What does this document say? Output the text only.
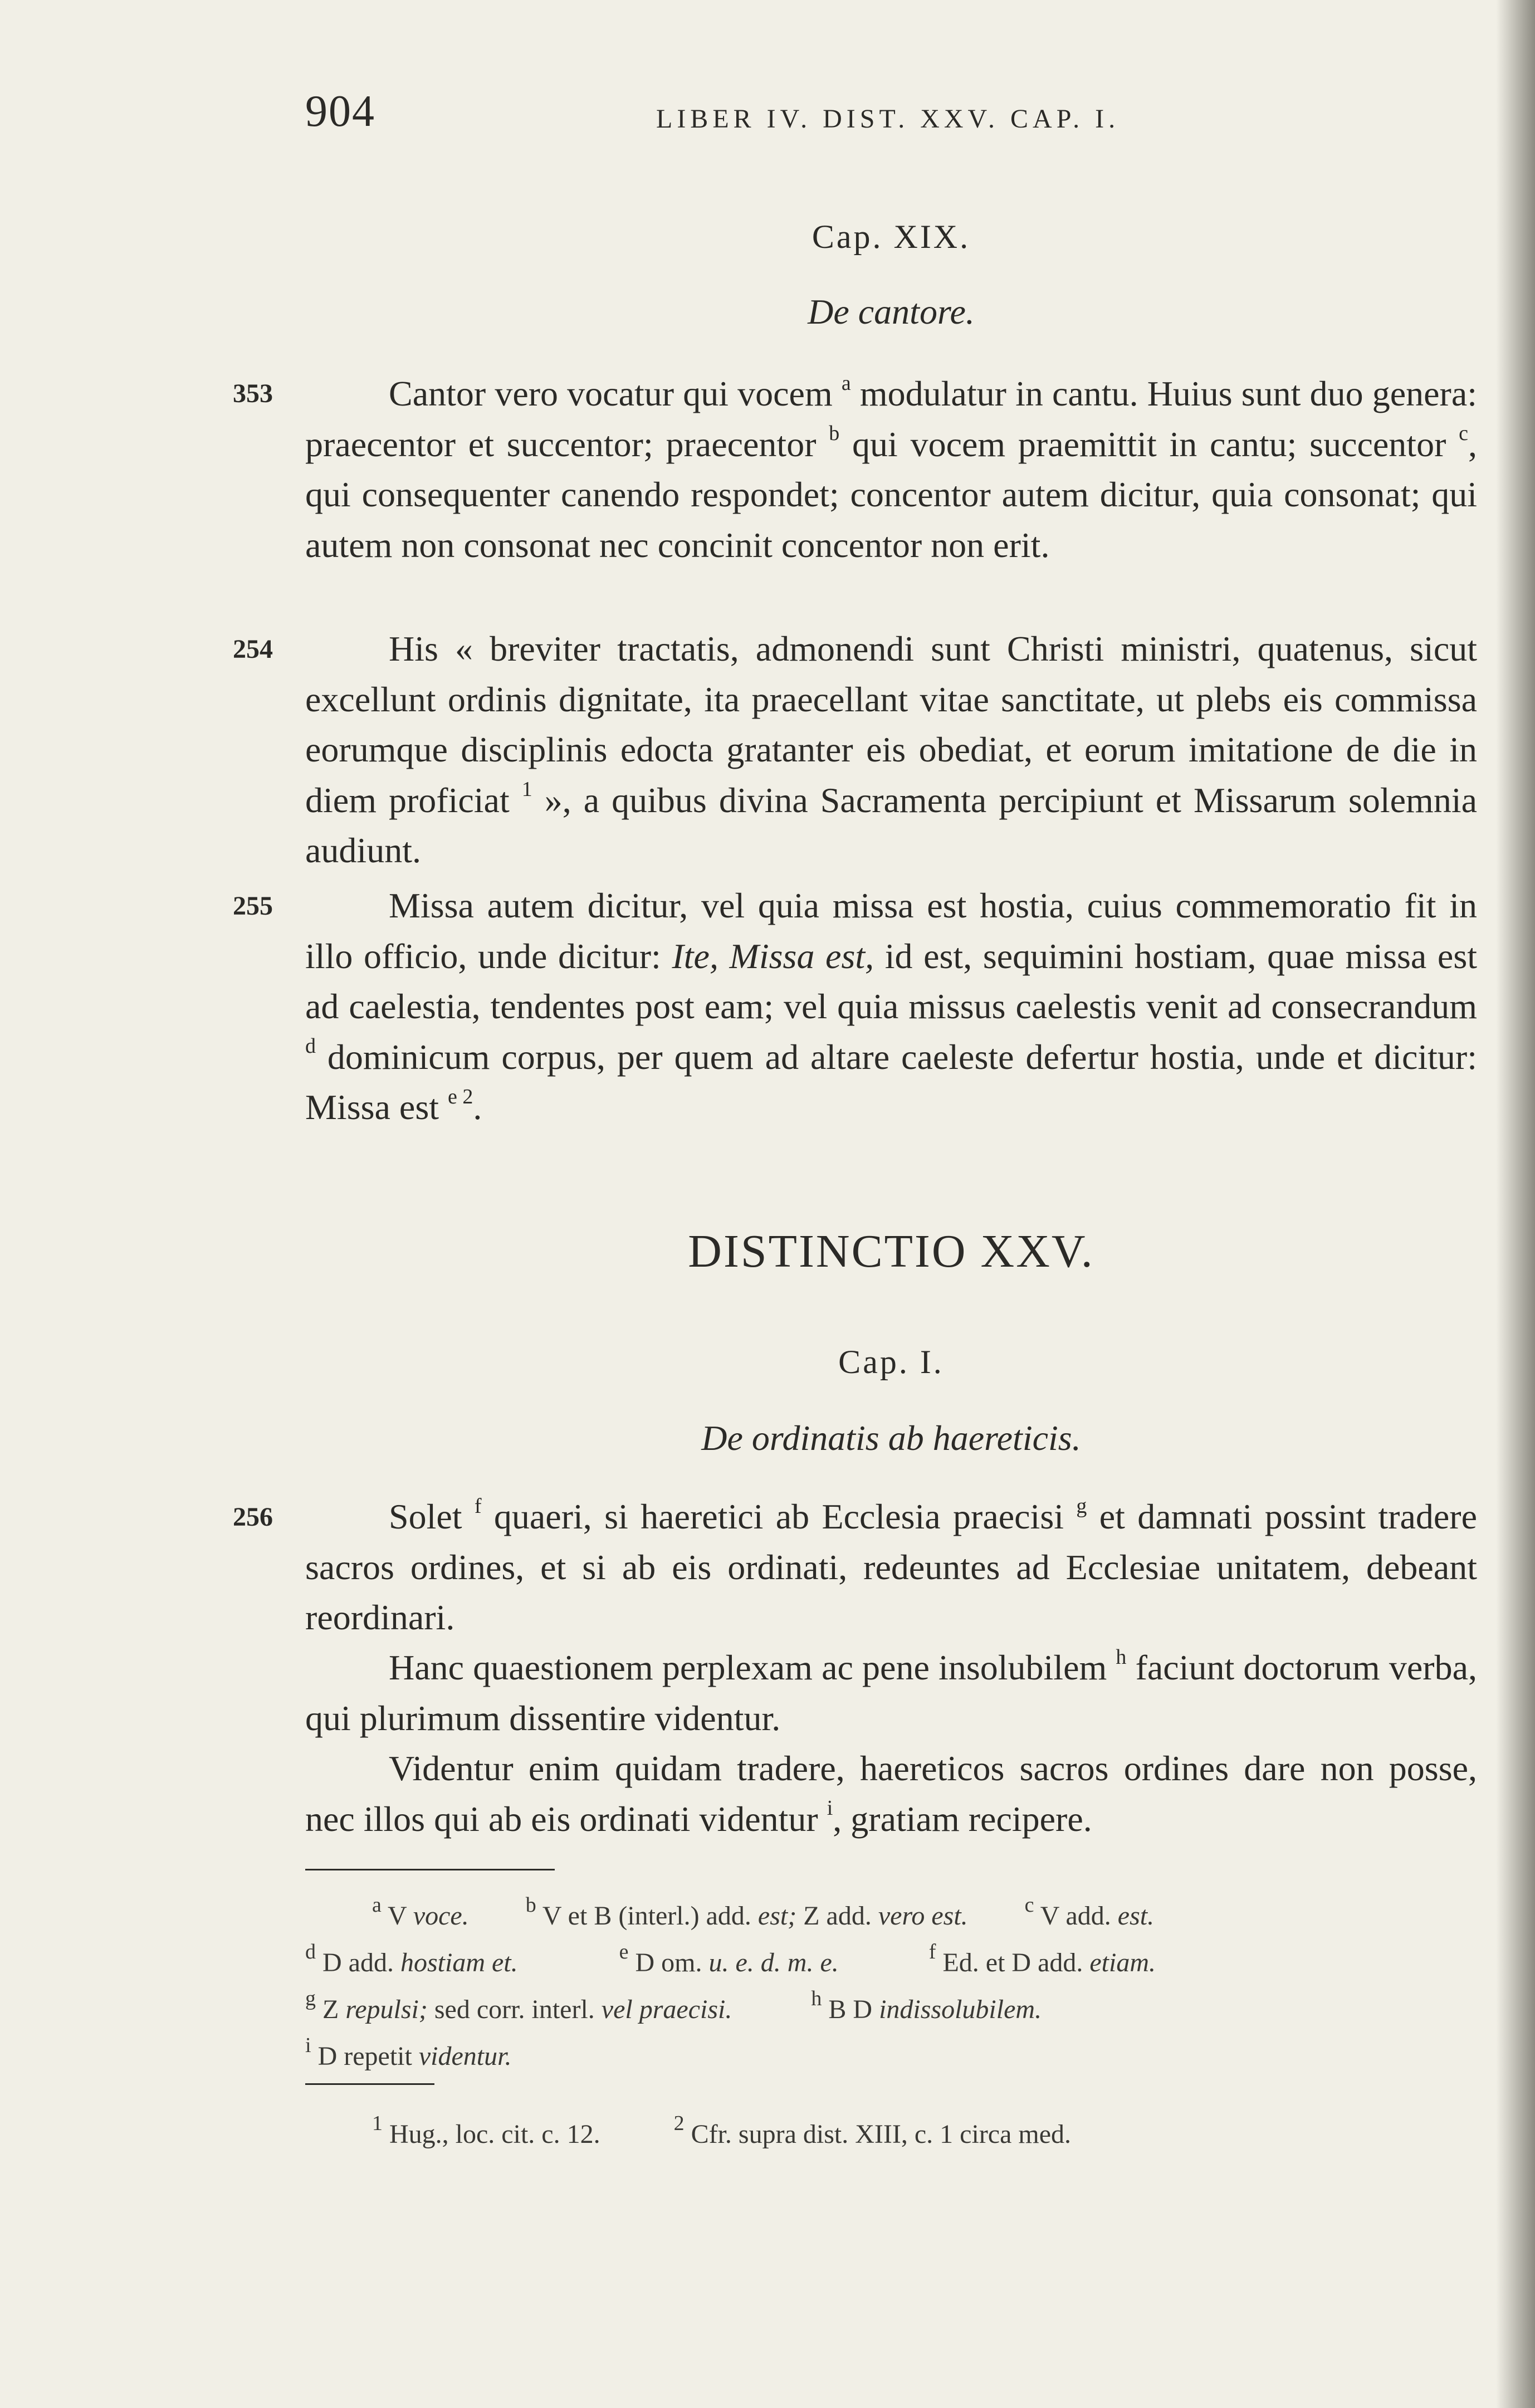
904	LIBER IV. DIST. XXV. CAP. I.
Cap. XIX.
De cantore.
353	Cantor vero vocatur qui vocem $^a$ modulatur in cantu. Huius sunt duo genera: praecentor et succentor; praecentor $^b$ qui vocem praemittit in cantu; succentor $^c$, qui consequenter canendo respondet; concentor autem dicitur, quia consonat; qui autem non consonat nec concinit concentor non erit.
254	His « breviter tractatis, admonendi sunt Christi ministri, quatenus, sicut excellunt ordinis dignitate, ita praecellant vitae sanctitate, ut plebs eis commissa eorumque disciplinis edocta gratanter eis obediat, et eorum imitatione de die in diem proficiat $^1$ », a quibus divina Sacramenta percipiunt et Missarum solemnia audiunt.
255	Missa autem dicitur, vel quia missa est hostia, cuius commemoratio fit in illo officio, unde dicitur: Ite, Missa est, id est, sequimini hostiam, quae missa est ad caelestia, tendentes post eam; vel quia missus caelestis venit ad consecrandum $^d$ dominicum corpus, per quem ad altare caeleste defertur hostia, unde et dicitur: Missa est $^{e 2}$.
DISTINCTIO XXV.
Cap. I.
De ordinatis ab haereticis.
256	Solet $^f$ quaeri, si haeretici ab Ecclesia praecisi $^g$ et damnati possint tradere sacros ordines, et si ab eis ordinati, redeuntes ad Ecclesiae unitatem, debeant reordinari.
Hanc quaestionem perplexam ac pene insolubilem $^h$ faciunt doctorum verba, qui plurimum dissentire videntur.
Videntur enim quidam tradere, haereticos sacros ordines dare non posse, nec illos qui ab eis ordinati videntur $^i$, gratiam recipere.
$^a$ V voce.	$^b$ V et B (interl.) add. est; Z add. vero est.	$^c$ V add. est.
$^d$ D add. hostiam et.	$^e$ D om. u. e. d. m. e.	$^f$ Ed. et D add. etiam.
$^g$ Z repulsi; sed corr. interl. vel praecisi.	$^h$ B D indissolubilem.
$^i$ D repetit videntur.
$^1$ Hug., loc. cit. c. 12.	$^2$ Cfr. supra dist. XIII, c. 1 circa med.
